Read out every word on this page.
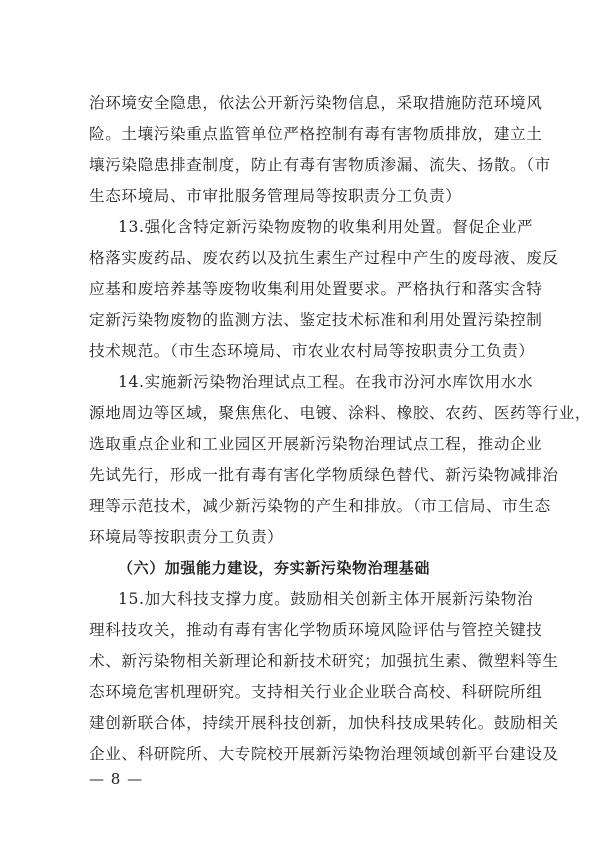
治环境安全隐患，依法公开新污染物信息，采取措施防范环境风
险。土壤污染重点监管单位严格控制有毒有害物质排放，建立土
壤污染隐患排查制度，防止有毒有害物质渗漏、流失、扬散。（市
生态环境局、市审批服务管理局等按职责分工负责）
13.强化含特定新污染物废物的收集利用处置。督促企业严
格落实废药品、废农药以及抗生素生产过程中产生的废母液、废反
应基和废培养基等废物收集利用处置要求。严格执行和落实含特
定新污染物废物的监测方法、鉴定技术标准和利用处置污染控制
技术规范。（市生态环境局、市农业农村局等按职责分工负责）
14.实施新污染物治理试点工程。在我市汾河水库饮用水水
源地周边等区域，聚焦焦化、电镀、涂料、橡胶、农药、医药等行业，
选取重点企业和工业园区开展新污染物治理试点工程，推动企业
先试先行，形成一批有毒有害化学物质绿色替代、新污染物减排治
理等示范技术，减少新污染物的产生和排放。（市工信局、市生态
环境局等按职责分工负责）
（六）加强能力建设，夯实新污染物治理基础
15.加大科技支撑力度。鼓励相关创新主体开展新污染物治
理科技攻关，推动有毒有害化学物质环境风险评估与管控关键技
术、新污染物相关新理论和新技术研究；加强抗生素、微塑料等生
态环境危害机理研究。支持相关行业企业联合高校、科研院所组
建创新联合体，持续开展科技创新，加快科技成果转化。鼓励相关
企业、科研院所、大专院校开展新污染物治理领域创新平台建设及
— 8 —
